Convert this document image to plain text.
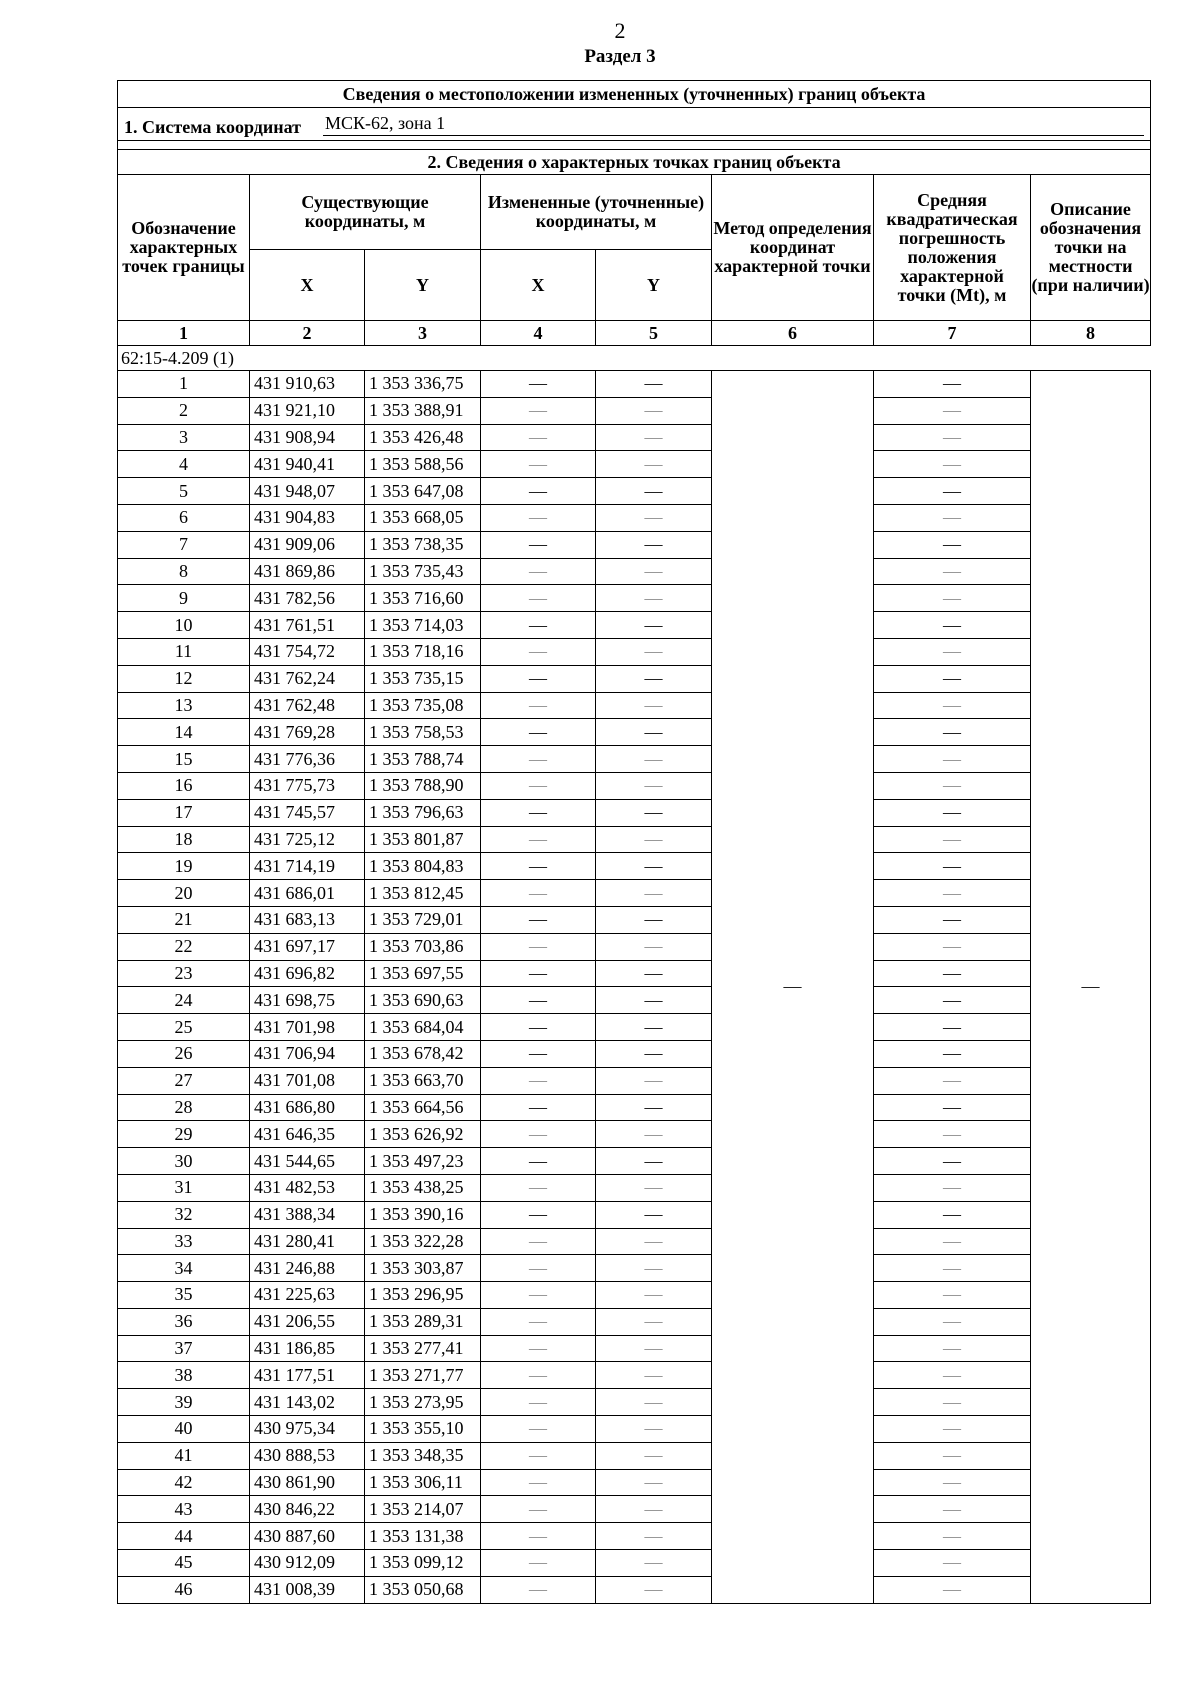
2
Раздел 3
Сведения о местоположении измененных (уточненных) границ объекта							

1. Система координат МСК-62, зона 1							

2. Сведения о характерных точках границ объекта							
Обозначение характерных точек границы	Существующие координаты, м		Измененные (уточненные) координаты, м		Метод определения координат характерной точки	Средняя квадратическая погрешность положения характерной точки (Mt), м	Описание обозначения точки на местности (при наличии)
	X	Y	X	Y			
1	2	3	4	5	6	7	8
62:15-4.209 (1)							
1	431 910,63	1 353 336,75	—	—	—	—	—
2	431 921,10	1 353 388,91	—	—		—	
3	431 908,94	1 353 426,48	—	—		—	
4	431 940,41	1 353 588,56	—	—		—	
5	431 948,07	1 353 647,08	—	—		—	
6	431 904,83	1 353 668,05	—	—		—	
7	431 909,06	1 353 738,35	—	—		—	
8	431 869,86	1 353 735,43	—	—		—	
9	431 782,56	1 353 716,60	—	—		—	
10	431 761,51	1 353 714,03	—	—		—	
11	431 754,72	1 353 718,16	—	—		—	
12	431 762,24	1 353 735,15	—	—		—	
13	431 762,48	1 353 735,08	—	—		—	
14	431 769,28	1 353 758,53	—	—		—	
15	431 776,36	1 353 788,74	—	—		—	
16	431 775,73	1 353 788,90	—	—		—	
17	431 745,57	1 353 796,63	—	—		—	
18	431 725,12	1 353 801,87	—	—		—	
19	431 714,19	1 353 804,83	—	—		—	
20	431 686,01	1 353 812,45	—	—		—	
21	431 683,13	1 353 729,01	—	—		—	
22	431 697,17	1 353 703,86	—	—		—	
23	431 696,82	1 353 697,55	—	—		—	
24	431 698,75	1 353 690,63	—	—		—	
25	431 701,98	1 353 684,04	—	—		—	
26	431 706,94	1 353 678,42	—	—		—	
27	431 701,08	1 353 663,70	—	—		—	
28	431 686,80	1 353 664,56	—	—		—	
29	431 646,35	1 353 626,92	—	—		—	
30	431 544,65	1 353 497,23	—	—		—	
31	431 482,53	1 353 438,25	—	—		—	
32	431 388,34	1 353 390,16	—	—		—	
33	431 280,41	1 353 322,28	—	—		—	
34	431 246,88	1 353 303,87	—	—		—	
35	431 225,63	1 353 296,95	—	—		—	
36	431 206,55	1 353 289,31	—	—		—	
37	431 186,85	1 353 277,41	—	—		—	
38	431 177,51	1 353 271,77	—	—		—	
39	431 143,02	1 353 273,95	—	—		—	
40	430 975,34	1 353 355,10	—	—		—	
41	430 888,53	1 353 348,35	—	—		—	
42	430 861,90	1 353 306,11	—	—		—	
43	430 846,22	1 353 214,07	—	—		—	
44	430 887,60	1 353 131,38	—	—		—	
45	430 912,09	1 353 099,12	—	—		—	
46	431 008,39	1 353 050,68	—	—		—	
